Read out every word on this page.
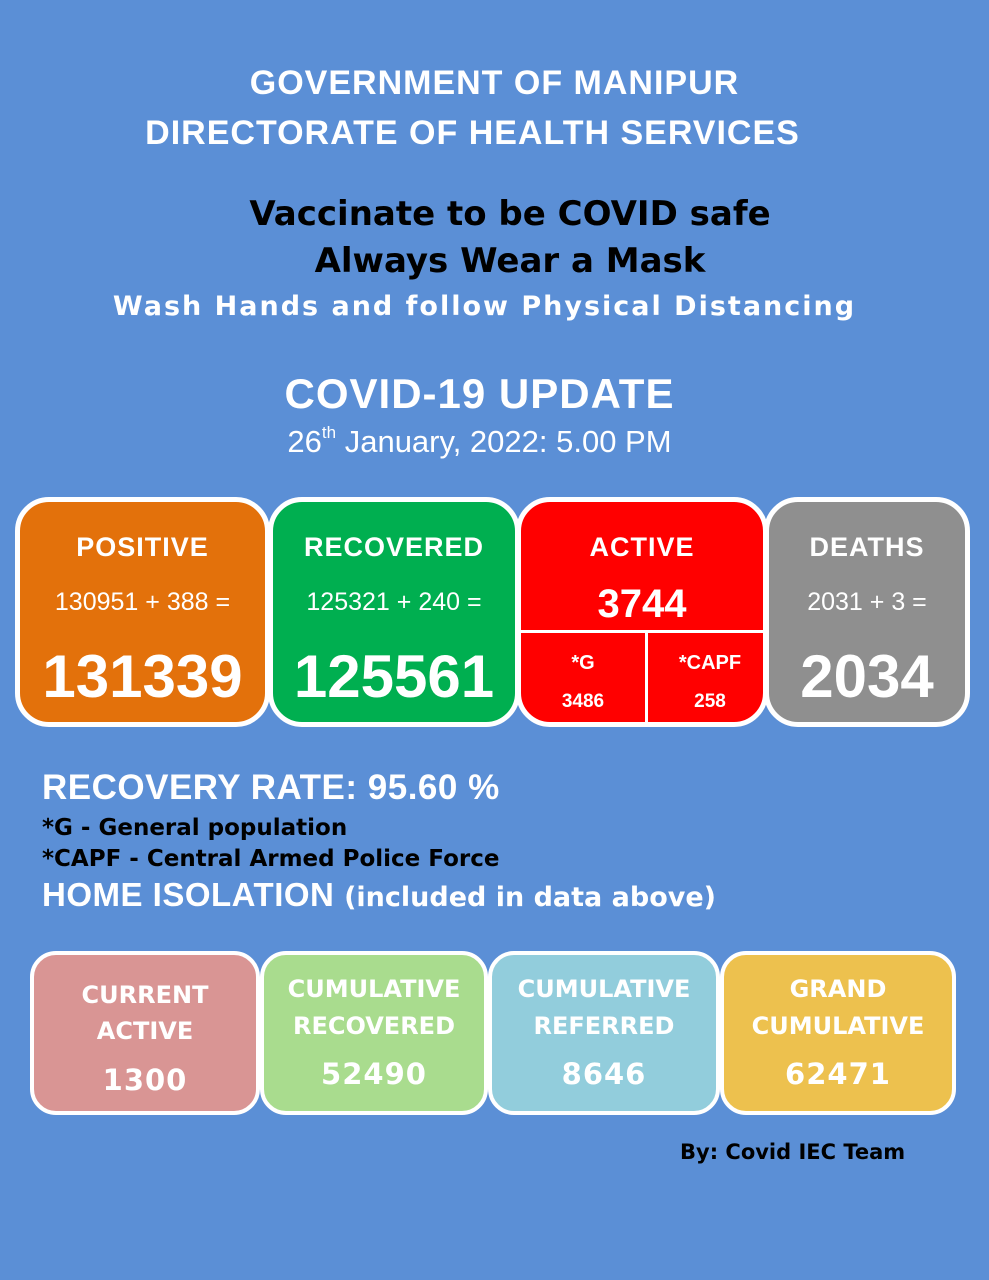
GOVERNMENT OF MANIPUR
DIRECTORATE OF HEALTH SERVICES
Vaccinate to be COVID safe
Always Wear a Mask
Wash Hands and follow Physical Distancing
COVID-19 UPDATE
26th January, 2022: 5.00 PM
POSITIVE
130951 + 388 =
131339
RECOVERED
125321 + 240 =
125561
ACTIVE
3744
*G
3486
*CAPF
258
DEATHS
2031 + 3 =
2034
RECOVERY RATE: 95.60 %
*G - General population
*CAPF - Central Armed Police Force
HOME ISOLATION (included in data above)
CURRENT
ACTIVE
1300
CUMULATIVE
RECOVERED
52490
CUMULATIVE
REFERRED
8646
GRAND
CUMULATIVE
62471
By: Covid IEC Team
